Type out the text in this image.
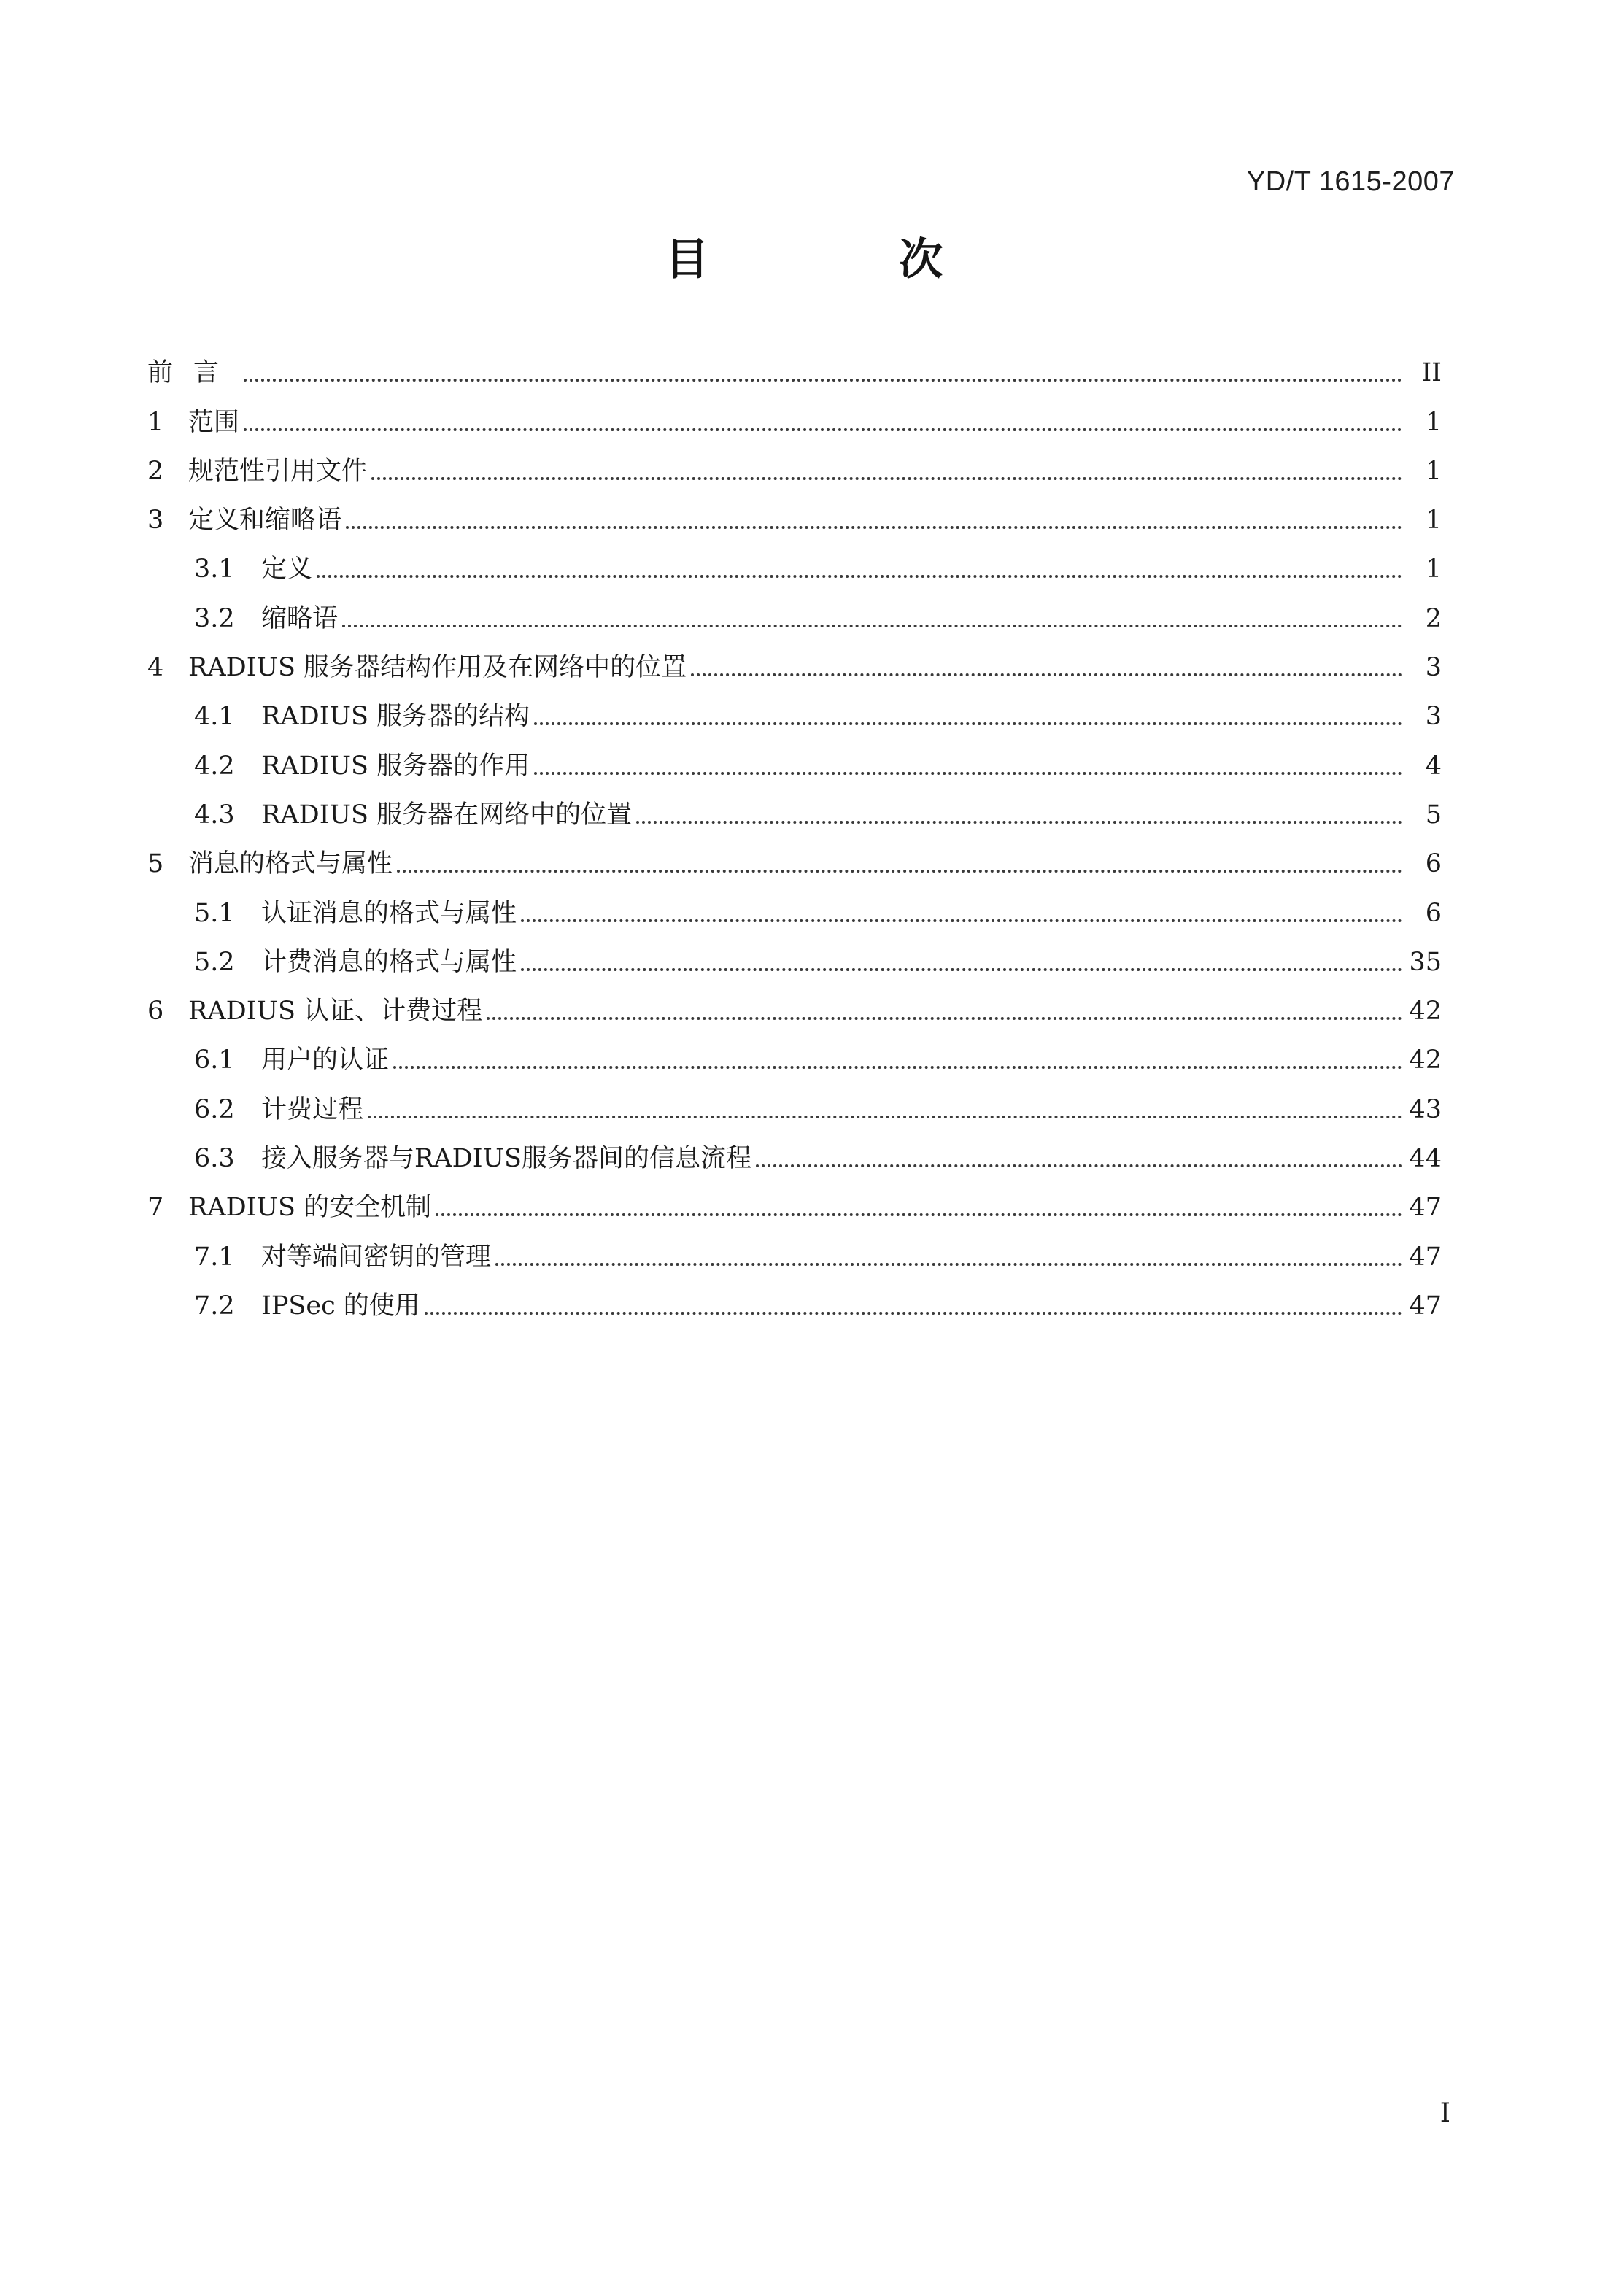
YD/T 1615-2007
目 次
前言	II
1 范围	1
2 规范性引用文件	1
3 定义和缩略语	1
3.1	定义	1
3.2	缩略语	2
4 RADIUS 服务器结构作用及在网络中的位置	3
4.1	RADIUS 服务器的结构	3
4.2	RADIUS 服务器的作用	4
4.3	RADIUS 服务器在网络中的位置	5
5 消息的格式与属性	6
5.1	认证消息的格式与属性	6
5.2	计费消息的格式与属性	35
6 RADIUS 认证、计费过程	42
6.1	用户的认证	42
6.2	计费过程	43
6.3	接入服务器与RADIUS服务器间的信息流程	44
7 RADIUS 的安全机制	47
7.1	对等端间密钥的管理	47
7.2	IPSec 的使用	47
I
